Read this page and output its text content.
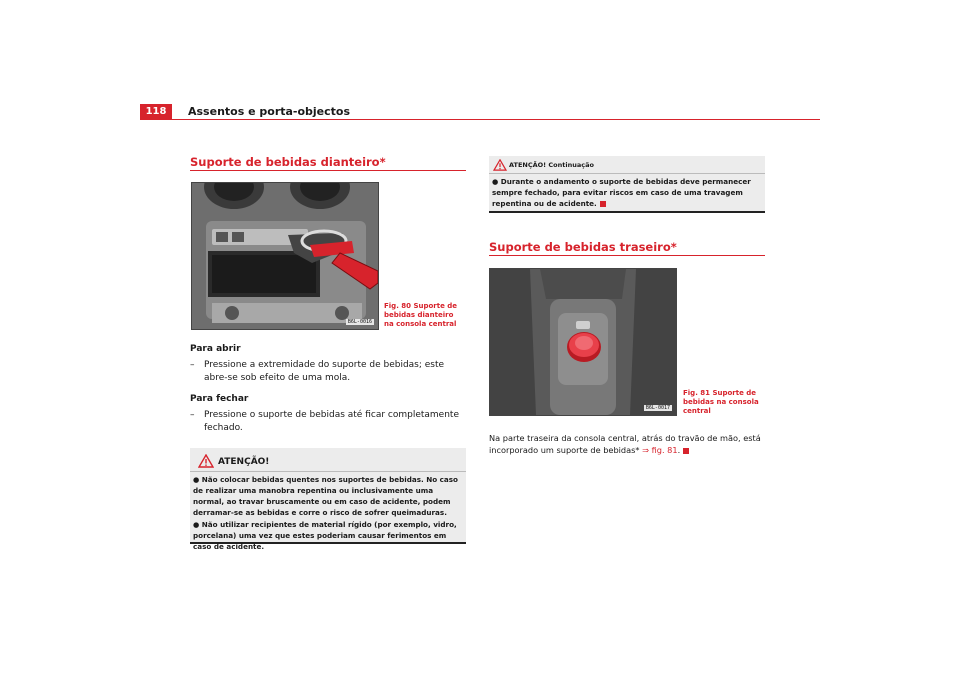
118	Assentos e porta-objectos
Suporte de bebidas dianteiro*
B6L-0016
Fig. 80 Suporte de bebidas dianteiro na consola central
Para abrir
–	Pressione a extremidade do suporte de bebidas; este abre-se sob efeito de uma mola.
Para fechar
–	Pressione o suporte de bebidas até ficar completamente fechado.
ATENÇÃO!
● Não colocar bebidas quentes nos suportes de bebidas. No caso de realizar uma manobra repentina ou inclusivamente uma normal, ao travar bruscamente ou em caso de acidente, podem derramar-se as bebidas e corre o risco de sofrer queimaduras.
● Não utilizar recipientes de material rígido (por exemplo, vidro, porcelana) uma vez que estes poderiam causar ferimentos em caso de acidente.
ATENÇÃO! Continuação
● Durante o andamento o suporte de bebidas deve permanecer sempre fechado, para evitar riscos em caso de uma travagem repentina ou de acidente.
Suporte de bebidas traseiro*
B6L-0017
Fig. 81 Suporte de bebidas na consola central
Na parte traseira da consola central, atrás do travão de mão, está incorporado um suporte de bebidas* ⇒ fig. 81.
